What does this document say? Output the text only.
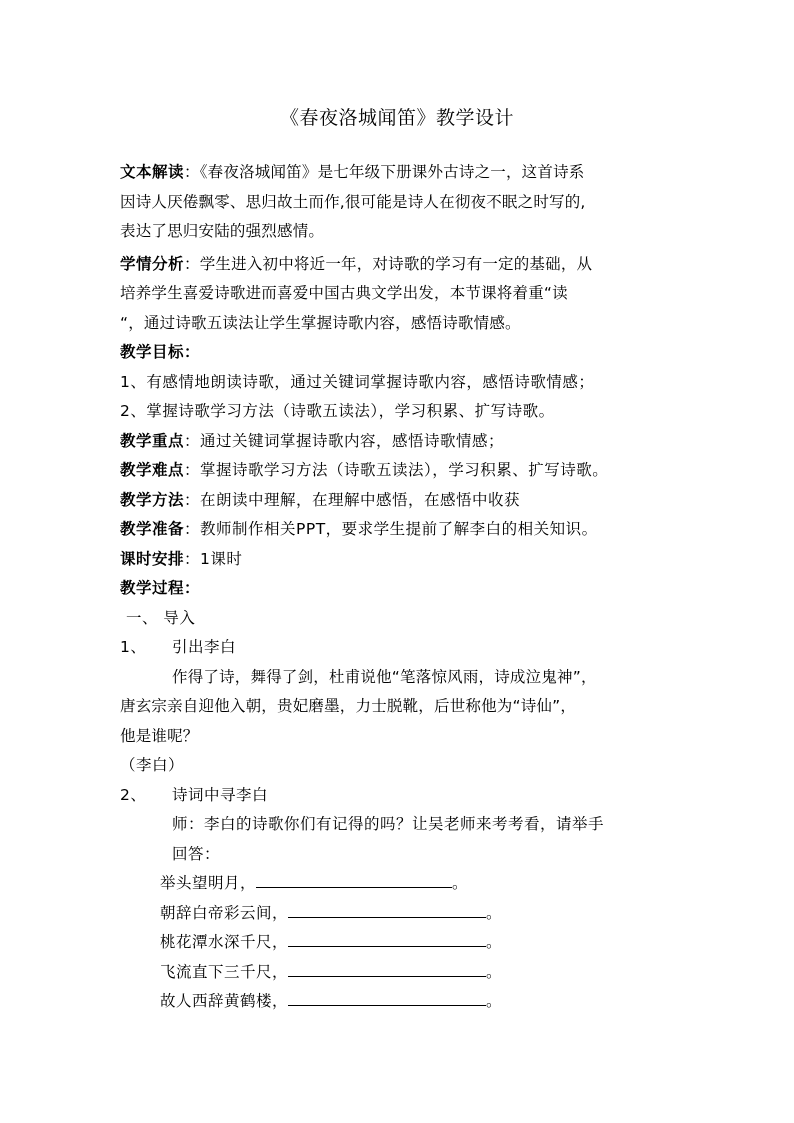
《春夜洛城闻笛》教学设计

文本解读：《春夜洛城闻笛》是七年级下册课外古诗之一，这首诗系
因诗人厌倦飘零、思归故土而作,很可能是诗人在彻夜不眠之时写的,
表达了思归安陆的强烈感情。

学情分析：学生进入初中将近一年，对诗歌的学习有一定的基础，从
培养学生喜爱诗歌进而喜爱中国古典文学出发，本节课将着重“读
“，通过诗歌五读法让学生掌握诗歌内容，感悟诗歌情感。

教学目标：

1、有感情地朗读诗歌，通过关键词掌握诗歌内容，感悟诗歌情感；

2、掌握诗歌学习方法（诗歌五读法），学习积累、扩写诗歌。

教学重点：通过关键词掌握诗歌内容，感悟诗歌情感；

教学难点：掌握诗歌学习方法（诗歌五读法），学习积累、扩写诗歌。

教学方法：在朗读中理解，在理解中感悟，在感悟中收获

教学准备：教师制作相关PPT，要求学生提前了解李白的相关知识。

课时安排：1课时

教学过程：

一、 导入

1、 引出李白

作得了诗，舞得了剑，杜甫说他“笔落惊风雨，诗成泣鬼神”，
唐玄宗亲自迎他入朝，贵妃磨墨，力士脱靴，后世称他为“诗仙”，
他是谁呢？

（李白）

2、 诗词中寻李白

师：李白的诗歌你们有记得的吗？让吴老师来考考看，请举手

回答：

举头望明月，	。

朝辞白帝彩云间，	。

桃花潭水深千尺，	。

飞流直下三千尺，	。

故人西辞黄鹤楼，	。
